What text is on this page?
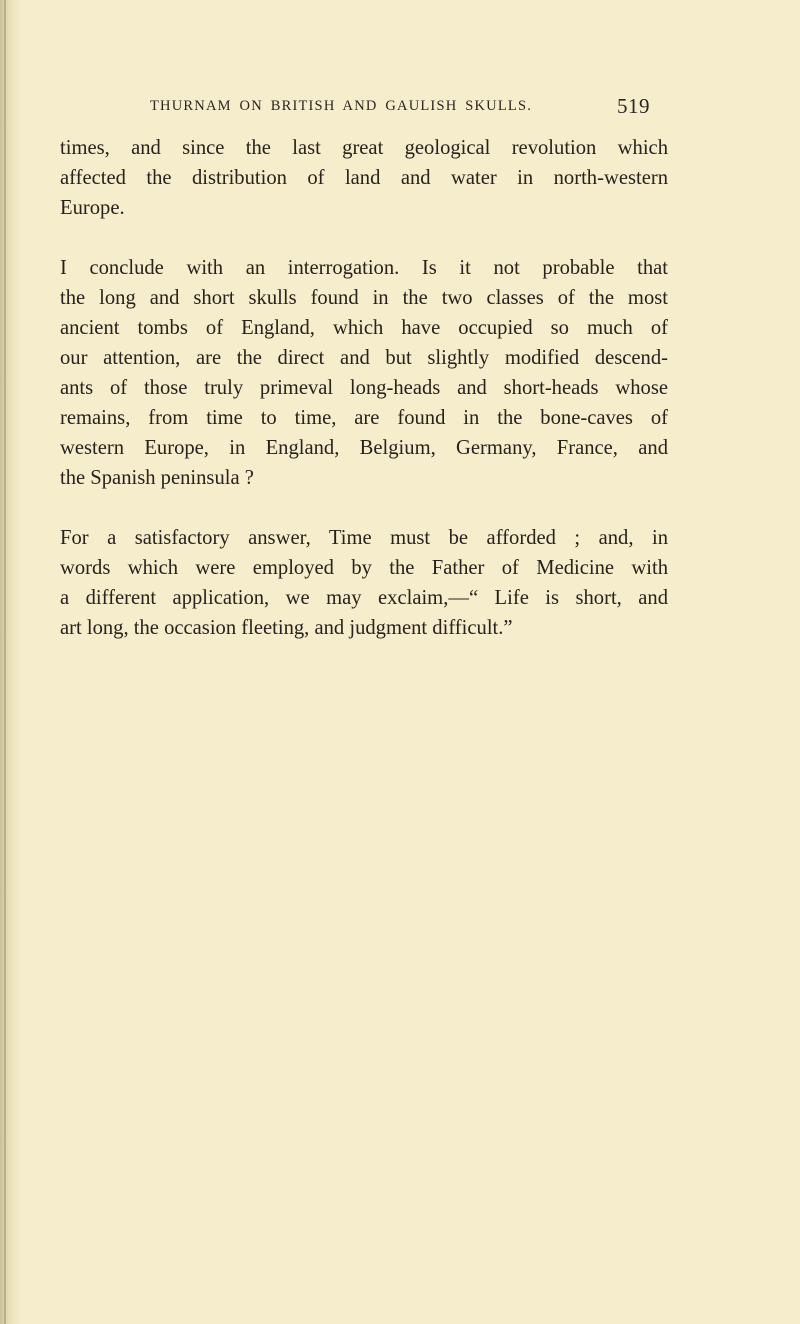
THURNAM ON BRITISH AND GAULISH SKULLS.	519
times, and since the last great geological revolution which
affected the distribution of land and water in north-western
Europe.
I conclude with an interrogation. Is it not probable that
the long and short skulls found in the two classes of the most
ancient tombs of England, which have occupied so much of
our attention, are the direct and but slightly modified descend-
ants of those truly primeval long-heads and short-heads whose
remains, from time to time, are found in the bone-caves of
western Europe, in England, Belgium, Germany, France, and
the Spanish peninsula ?
For a satisfactory answer, Time must be afforded ; and, in
words which were employed by the Father of Medicine with
a different application, we may exclaim,—“ Life is short, and
art long, the occasion fleeting, and judgment difficult.”
